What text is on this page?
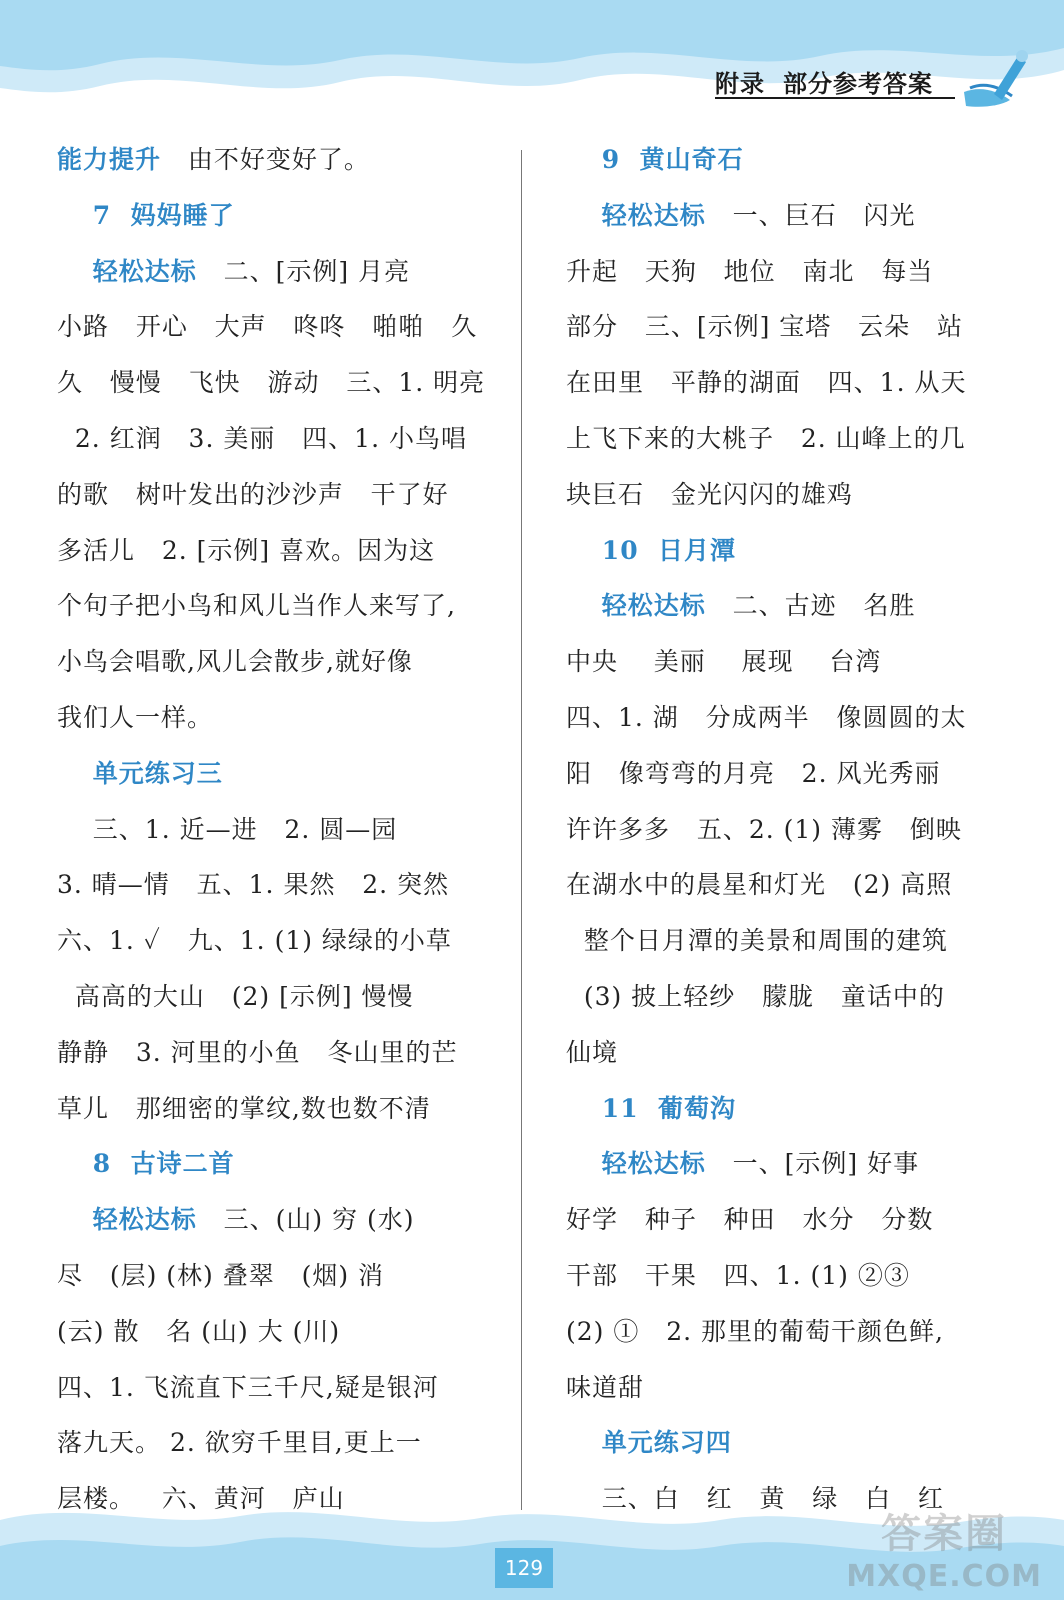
附录 部分参考答案
能力提升   由不好变好了。
7  妈妈睡了
轻松达标   二、[示例] 月亮
小路   开心   大声   咚咚   啪啪   久
久   慢慢   飞快   游动   三、1. 明亮
2. 红润   3. 美丽   四、1. 小鸟唱
的歌   树叶发出的沙沙声   干了好
多活儿   2. [示例] 喜欢。因为这
个句子把小鸟和风儿当作人来写了,
小鸟会唱歌,风儿会散步,就好像
我们人一样。
单元练习三
三、1. 近—进   2. 圆—园
3. 晴—情   五、1. 果然   2. 突然
六、1. ✓   九、1. (1) 绿绿的小草
高高的大山   (2) [示例] 慢慢
静静   3. 河里的小鱼   冬山里的芒
草儿   那细密的掌纹,数也数不清
8  古诗二首
轻松达标   三、(山) 穷 (水)
尽   (层) (林) 叠翠   (烟) 消
(云) 散   名 (山) 大 (川)
四、1. 飞流直下三千尺,疑是银河
落九天。 2. 欲穷千里目,更上一
层楼。   六、黄河   庐山
9  黄山奇石
轻松达标   一、巨石   闪光
升起   天狗   地位   南北   每当
部分   三、[示例] 宝塔   云朵   站
在田里   平静的湖面   四、1. 从天
上飞下来的大桃子   2. 山峰上的几
块巨石   金光闪闪的雄鸡
10  日月潭
轻松达标   二、古迹   名胜
中央    美丽    展现    台湾
四、1. 湖   分成两半   像圆圆的太
阳   像弯弯的月亮   2. 风光秀丽
许许多多   五、2. (1) 薄雾   倒映
在湖水中的晨星和灯光   (2) 高照
整个日月潭的美景和周围的建筑
(3) 披上轻纱   朦胧   童话中的
仙境
11  葡萄沟
轻松达标   一、[示例] 好事
好学   种子   种田   水分   分数
干部   干果   四、1. (1) ②③
(2) ①   2. 那里的葡萄干颜色鲜,
味道甜
单元练习四
三、白   红   黄   绿   白   红
129
答案圈
MXQE.COM
